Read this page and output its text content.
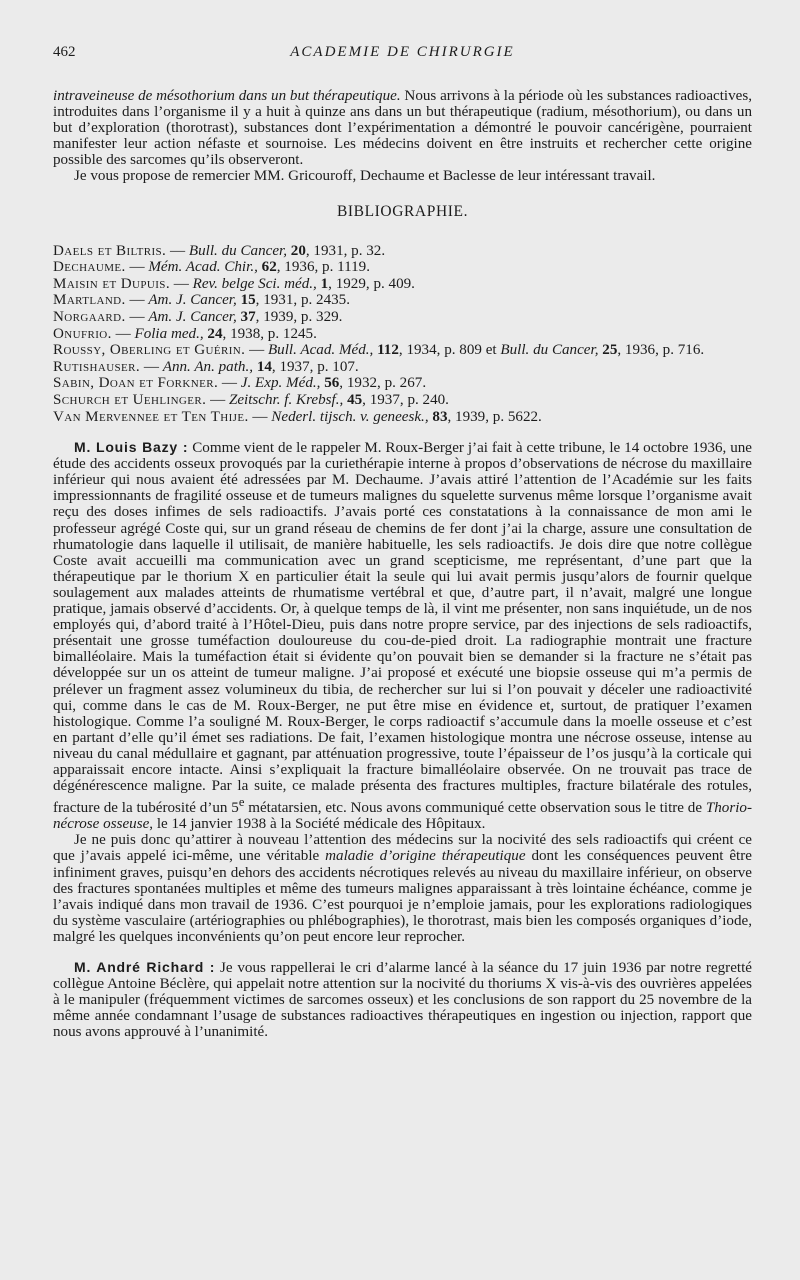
462	ACADEMIE DE CHIRURGIE

intraveineuse de mésothorium dans un but thérapeutique. Nous arrivons à la période où les substances radioactives, introduites dans l’organisme il y a huit à quinze ans dans un but thérapeutique (radium, mésothorium), ou dans un but d’exploration (thorotrast), substances dont l’expérimentation a démontré le pouvoir cancérigène, pourraient manifester leur action néfaste et sournoise. Les médecins doivent en être instruits et rechercher cette origine possible des sarcomes qu’ils observeront.

Je vous propose de remercier MM. Gricouroff, Dechaume et Baclesse de leur intéressant travail.

BIBLIOGRAPHIE.
Daels et Biltris. — Bull. du Cancer, 20, 1931, p. 32.
Dechaume. — Mém. Acad. Chir., 62, 1936, p. 1119.
Maisin et Dupuis. — Rev. belge Sci. méd., 1, 1929, p. 409.
Martland. — Am. J. Cancer, 15, 1931, p. 2435.
Norgaard. — Am. J. Cancer, 37, 1939, p. 329.
Onufrio. — Folia med., 24, 1938, p. 1245.
Roussy, Oberling et Guérin. — Bull. Acad. Méd., 112, 1934, p. 809 et Bull. du Cancer, 25, 1936, p. 716.
Rutishauser. — Ann. An. path., 14, 1937, p. 107.
Sabin, Doan et Forkner. — J. Exp. Méd., 56, 1932, p. 267.
Schurch et Uehlinger. — Zeitschr. f. Krebsf., 45, 1937, p. 240.
Van Mervennee et Ten Thije. — Nederl. tijsch. v. geneesk., 83, 1939, p. 5622.

M. Louis Bazy : Comme vient de le rappeler M. Roux-Berger j’ai fait à cette tribune, le 14 octobre 1936, une étude des accidents osseux provoqués par la curiethérapie interne à propos d’observations de nécrose du maxillaire inférieur qui nous avaient été adressées par M. Dechaume. J’avais attiré l’attention de l’Académie sur les faits impressionnants de fragilité osseuse et de tumeurs malignes du squelette survenus même lorsque l’organisme avait reçu des doses infimes de sels radioactifs. J’avais porté ces constatations à la connaissance de mon ami le professeur agrégé Coste qui, sur un grand réseau de chemins de fer dont j’ai la charge, assure une consultation de rhumatologie dans laquelle il utilisait, de manière habituelle, les sels radioactifs. Je dois dire que notre collègue Coste avait accueilli ma communication avec un grand scepticisme, me représentant, d’une part que la thérapeutique par le thorium X en particulier était la seule qui lui avait permis jusqu’alors de fournir quelque soulagement aux malades atteints de rhumatisme vertébral et que, d’autre part, il n’avait, malgré une longue pratique, jamais observé d’accidents. Or, à quelque temps de là, il vint me présenter, non sans inquiétude, un de nos employés qui, d’abord traité à l’Hôtel-Dieu, puis dans notre propre service, par des injections de sels radioactifs, présentait une grosse tuméfaction douloureuse du cou-de-pied droit. La radiographie montrait une fracture bimalléolaire. Mais la tuméfaction était si évidente qu’on pouvait bien se demander si la fracture ne s’était pas développée sur un os atteint de tumeur maligne. J’ai proposé et exécuté une biopsie osseuse qui m’a permis de prélever un fragment assez volumineux du tibia, de rechercher sur lui si l’on pouvait y déceler une radioactivité qui, comme dans le cas de M. Roux-Berger, ne put être mise en évidence et, surtout, de pratiquer l’examen histologique. Comme l’a souligné M. Roux-Berger, le corps radioactif s’accumule dans la moelle osseuse et c’est en partant d’elle qu’il émet ses radiations. De fait, l’examen histologique montra une nécrose osseuse, intense au niveau du canal médullaire et gagnant, par atténuation progressive, toute l’épaisseur de l’os jusqu’à la corticale qui apparaissait encore intacte. Ainsi s’expliquait la fracture bimalléolaire observée. On ne trouvait pas trace de dégénérescence maligne. Par la suite, ce malade présenta des fractures multiples, fracture bilatérale des rotules, fracture de la tubérosité d’un 5e métatarsien, etc. Nous avons communiqué cette observation sous le titre de Thorio-nécrose osseuse, le 14 janvier 1938 à la Société médicale des Hôpitaux.

Je ne puis donc qu’attirer à nouveau l’attention des médecins sur la nocivité des sels radioactifs qui créent ce que j’avais appelé ici-même, une véritable maladie d’origine thérapeutique dont les conséquences peuvent être infiniment graves, puisqu’en dehors des accidents nécrotiques relevés au niveau du maxillaire inférieur, on observe des fractures spontanées multiples et même des tumeurs malignes apparaissant à très lointaine échéance, comme je l’avais indiqué dans mon travail de 1936. C’est pourquoi je n’emploie jamais, pour les explorations radiologiques du système vasculaire (artériographies ou phlébographies), le thorotrast, mais bien les composés organiques d’iode, malgré les quelques inconvénients qu’on peut encore leur reprocher.

M. André Richard : Je vous rappellerai le cri d’alarme lancé à la séance du 17 juin 1936 par notre regretté collègue Antoine Béclère, qui appelait notre attention sur la nocivité du thoriums X vis-à-vis des ouvrières appelées à le manipuler (fréquemment victimes de sarcomes osseux) et les conclusions de son rapport du 25 novembre de la même année condamnant l’usage de substances radioactives thérapeutiques en ingestion ou injection, rapport que nous avons approuvé à l’unanimité.
